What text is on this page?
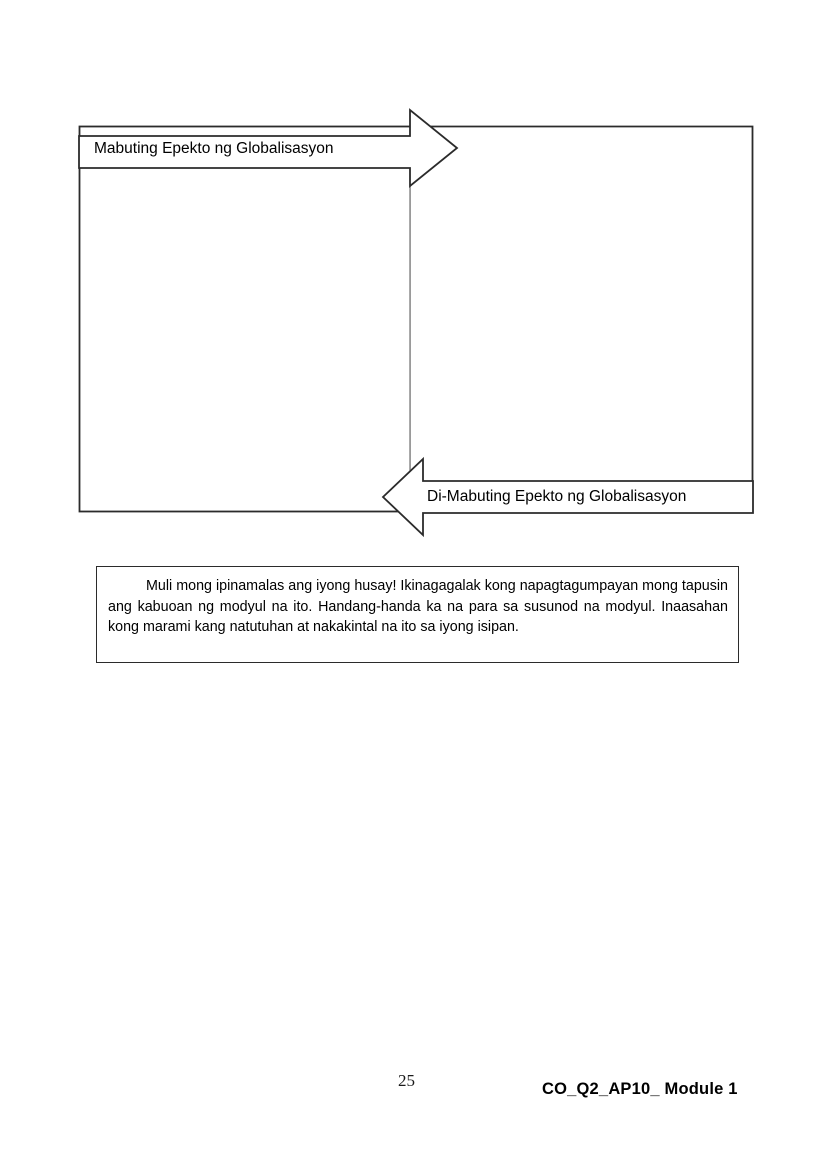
Mabuting Epekto ng Globalisasyon
Di-Mabuting Epekto ng Globalisasyon
Muli mong ipinamalas ang iyong husay! Ikinagagalak kong napagtagumpayan mong tapusin ang kabuoan ng modyul na ito. Handang-handa ka na para sa susunod na modyul. Inaasahan kong marami kang natutuhan at nakakintal na ito sa iyong isipan.
25	CO_Q2_AP10_ Module 1
